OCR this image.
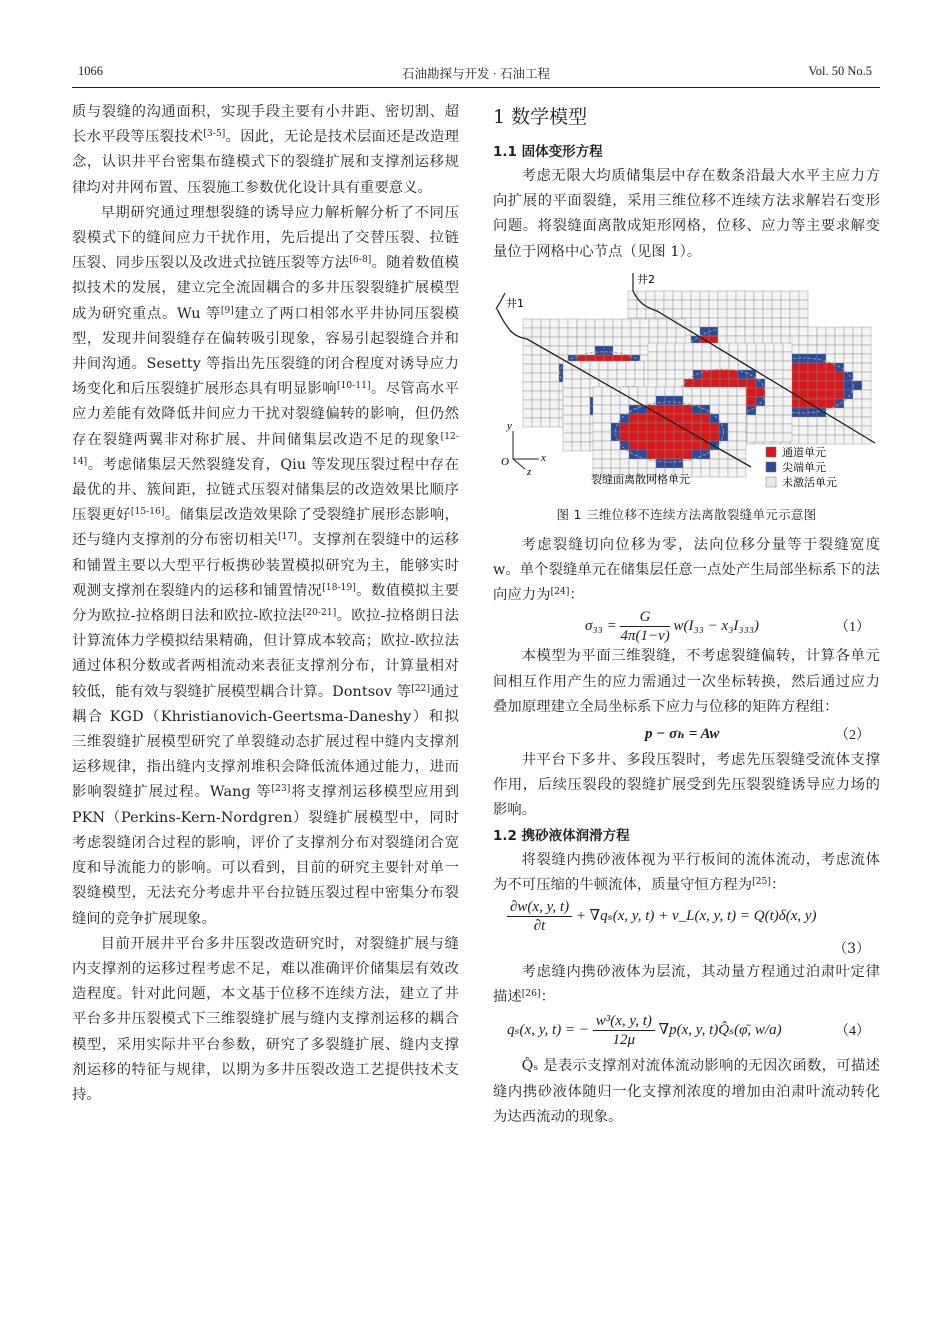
1066	石油勘探与开发 · 石油工程	Vol. 50 No.5

质与裂缝的沟通面积，实现手段主要有小井距、密切割、超长水平段等压裂技术[3-5]。因此，无论是技术层面还是改造理念，认识井平台密集布缝模式下的裂缝扩展和支撑剂运移规律均对井网布置、压裂施工参数优化设计具有重要意义。

早期研究通过理想裂缝的诱导应力解析解分析了不同压裂模式下的缝间应力干扰作用，先后提出了交替压裂、拉链压裂、同步压裂以及改进式拉链压裂等方法[6-8]。随着数值模拟技术的发展，建立完全流固耦合的多井压裂裂缝扩展模型成为研究重点。Wu 等[9]建立了两口相邻水平井协同压裂模型，发现井间裂缝存在偏转吸引现象，容易引起裂缝合并和井间沟通。Sesetty 等指出先压裂缝的闭合程度对诱导应力场变化和后压裂缝扩展形态具有明显影响[10-11]。尽管高水平应力差能有效降低井间应力干扰对裂缝偏转的影响，但仍然存在裂缝两翼非对称扩展、井间储集层改造不足的现象[12-14]。考虑储集层天然裂缝发育，Qiu 等发现压裂过程中存在最优的井、簇间距，拉链式压裂对储集层的改造效果比顺序压裂更好[15-16]。储集层改造效果除了受裂缝扩展形态影响，还与缝内支撑剂的分布密切相关[17]。支撑剂在裂缝中的运移和铺置主要以大型平行板携砂装置模拟研究为主，能够实时观测支撑剂在裂缝内的运移和铺置情况[18-19]。数值模拟主要分为欧拉-拉格朗日法和欧拉-欧拉法[20-21]。欧拉-拉格朗日法计算流体力学模拟结果精确，但计算成本较高；欧拉-欧拉法通过体积分数或者两相流动来表征支撑剂分布，计算量相对较低，能有效与裂缝扩展模型耦合计算。Dontsov 等[22]通过耦合 KGD（Khristianovich-Geertsma-Daneshy）和拟三维裂缝扩展模型研究了单裂缝动态扩展过程中缝内支撑剂运移规律，指出缝内支撑剂堆积会降低流体通过能力，进而影响裂缝扩展过程。Wang 等[23]将支撑剂运移模型应用到 PKN（Perkins-Kern-Nordgren）裂缝扩展模型中，同时考虑裂缝闭合过程的影响，评价了支撑剂分布对裂缝闭合宽度和导流能力的影响。可以看到，目前的研究主要针对单一裂缝模型，无法充分考虑井平台拉链压裂过程中密集分布裂缝间的竞争扩展现象。

目前开展井平台多井压裂改造研究时，对裂缝扩展与缝内支撑剂的运移过程考虑不足，难以准确评价储集层有效改造程度。针对此问题，本文基于位移不连续方法，建立了井平台多井压裂模式下三维裂缝扩展与缝内支撑剂运移的耦合模型，采用实际井平台参数，研究了多裂缝扩展、缝内支撑剂运移的特征与规律，以期为多井压裂改造工艺提供技术支持。

1 数学模型
1.1 固体变形方程

考虑无限大均质储集层中存在数条沿最大水平主应力方向扩展的平面裂缝，采用三维位移不连续方法求解岩石变形问题。将裂缝面离散成矩形网格，位移、应力等主要求解变量位于网格中心节点（见图 1）。

井1
井2
y
x
z
O
裂缝面离散网格单元
通道单元
尖端单元
未激活单元
图 1 三维位移不连续方法离散裂缝单元示意图

考虑裂缝切向位移为零，法向位移分量等于裂缝宽度 w。单个裂缝单元在储集层任意一点处产生局部坐标系下的法向应力为[24]：

$\sigma_{33} = \frac{G}{4\pi(1-\nu)} w(I_{33} - x_3I_{333})$	（1）

本模型为平面三维裂缝，不考虑裂缝偏转，计算各单元间相互作用产生的应力需通过一次坐标转换，然后通过应力叠加原理建立全局坐标系下应力与位移的矩阵方程组：

p − σₕ = Aw	（2）

井平台下多井、多段压裂时，考虑先压裂缝受流体支撑作用，后续压裂段的裂缝扩展受到先压裂裂缝诱导应力场的影响。

1.2 携砂液体润滑方程

将裂缝内携砂液体视为平行板间的流体流动，考虑流体为不可压缩的牛顿流体，质量守恒方程为[25]：

$\frac{\partial w(x, y, t)}{\partial t} + \nabla q_s(x$, y, t) + v_L(x, y, t) = Q(t)δ(x, y)
（3）

考虑缝内携砂液体为层流，其动量方程通过泊肃叶定律描述[26]：

qₛ(x, y, t) = − $\frac{\text{w³(x, y, t)}}{12\mu} \nabla p(x$, y, t)Q̂ₛ(φ̄, w/a)	（4）

Q̂ₛ 是表示支撑剂对流体流动影响的无因次函数，可描述缝内携砂液体随归一化支撑剂浓度的增加由泊肃叶流动转化为达西流动的现象。
